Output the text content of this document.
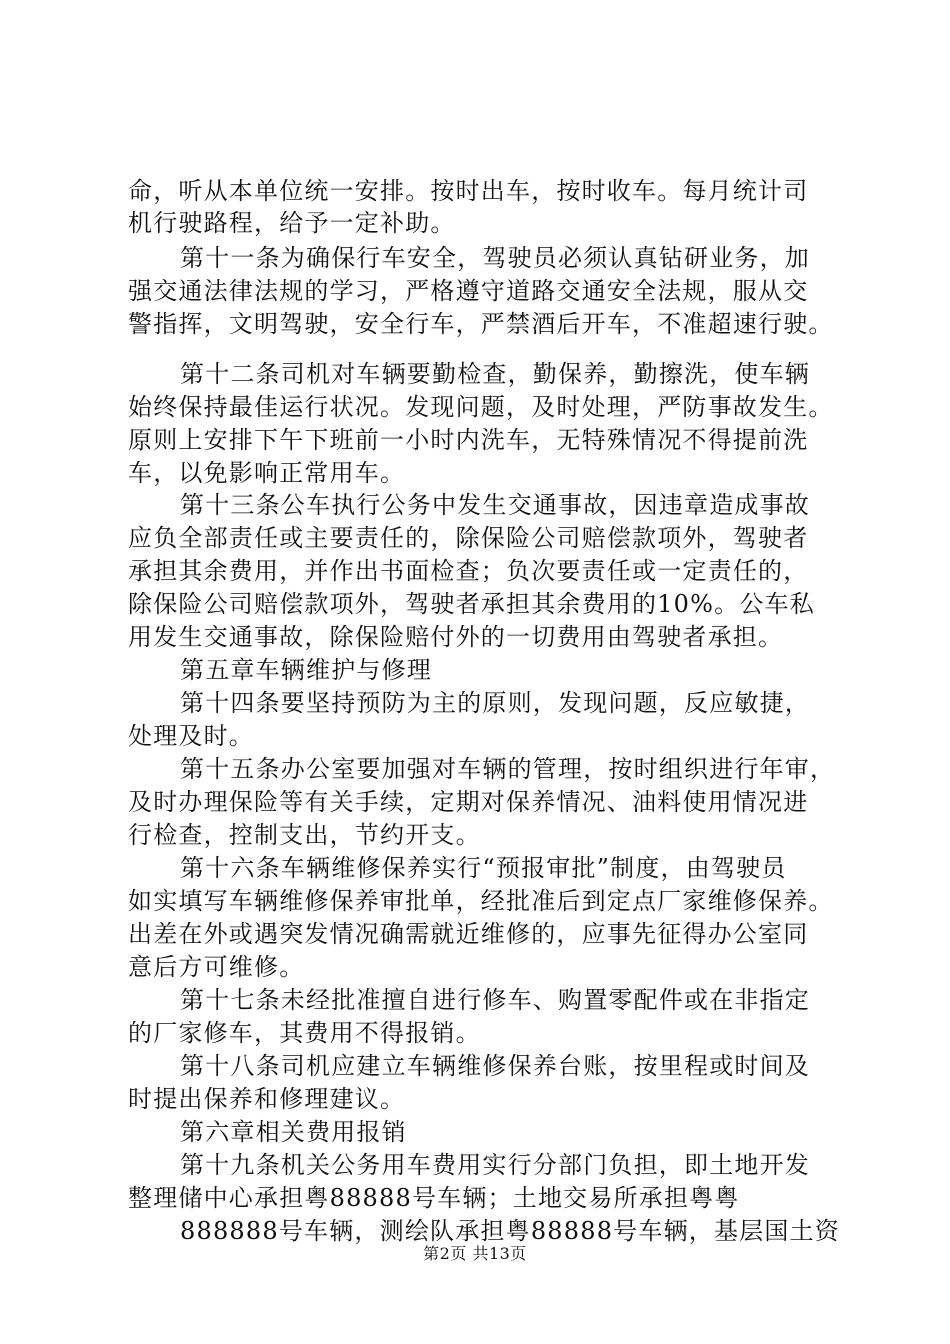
命，听从本单位统一安排。按时出车，按时收车。每月统计司
机行驶路程，给予一定补助。
第十一条为确保行车安全，驾驶员必须认真钻研业务，加
强交通法律法规的学习，严格遵守道路交通安全法规，服从交
警指挥，文明驾驶，安全行车，严禁酒后开车，不准超速行驶。
第十二条司机对车辆要勤检查，勤保养，勤擦洗，使车辆
始终保持最佳运行状况。发现问题，及时处理，严防事故发生。
原则上安排下午下班前一小时内洗车，无特殊情况不得提前洗
车，以免影响正常用车。
第十三条公车执行公务中发生交通事故，因违章造成事故
应负全部责任或主要责任的，除保险公司赔偿款项外，驾驶者
承担其余费用，并作出书面检查；负次要责任或一定责任的，
除保险公司赔偿款项外，驾驶者承担其余费用的10%。公车私
用发生交通事故，除保险赔付外的一切费用由驾驶者承担。
第五章车辆维护与修理
第十四条要坚持预防为主的原则，发现问题，反应敏捷，
处理及时。
第十五条办公室要加强对车辆的管理，按时组织进行年审，
及时办理保险等有关手续，定期对保养情况、油料使用情况进
行检查，控制支出，节约开支。
第十六条车辆维修保养实行“预报审批”制度，由驾驶员
如实填写车辆维修保养审批单，经批准后到定点厂家维修保养。
出差在外或遇突发情况确需就近维修的，应事先征得办公室同
意后方可维修。
第十七条未经批准擅自进行修车、购置零配件或在非指定
的厂家修车，其费用不得报销。
第十八条司机应建立车辆维修保养台账，按里程或时间及
时提出保养和修理建议。
第六章相关费用报销
第十九条机关公务用车费用实行分部门负担，即土地开发
整理储中心承担粤88888号车辆；土地交易所承担粤粤
888888号车辆，测绘队承担粤88888号车辆，基层国土资
第2页 共13页
